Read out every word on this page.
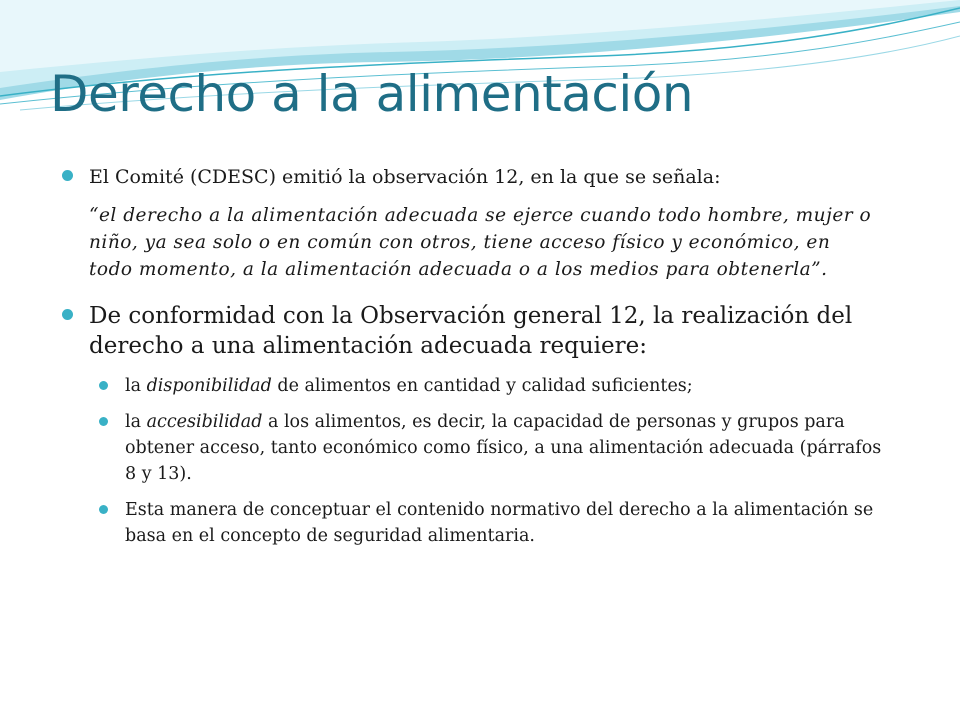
Derecho a la alimentación
El Comité (CDESC) emitió la observación 12, en la que se señala:
“el derecho a la alimentación adecuada se ejerce cuando todo hombre, mujer o niño, ya sea solo o en común con otros, tiene acceso físico y económico, en todo momento, a la alimentación adecuada o a los medios para obtenerla”.
De conformidad con la Observación general 12, la realización del derecho a una alimentación adecuada requiere:
la disponibilidad de alimentos en cantidad y calidad suficientes;
la accesibilidad a los alimentos, es decir, la capacidad de personas y grupos para obtener acceso, tanto económico como físico, a una alimentación adecuada (párrafos 8 y 13).
Esta manera de conceptuar el contenido normativo del derecho a la alimentación se basa en el concepto de seguridad alimentaria.
